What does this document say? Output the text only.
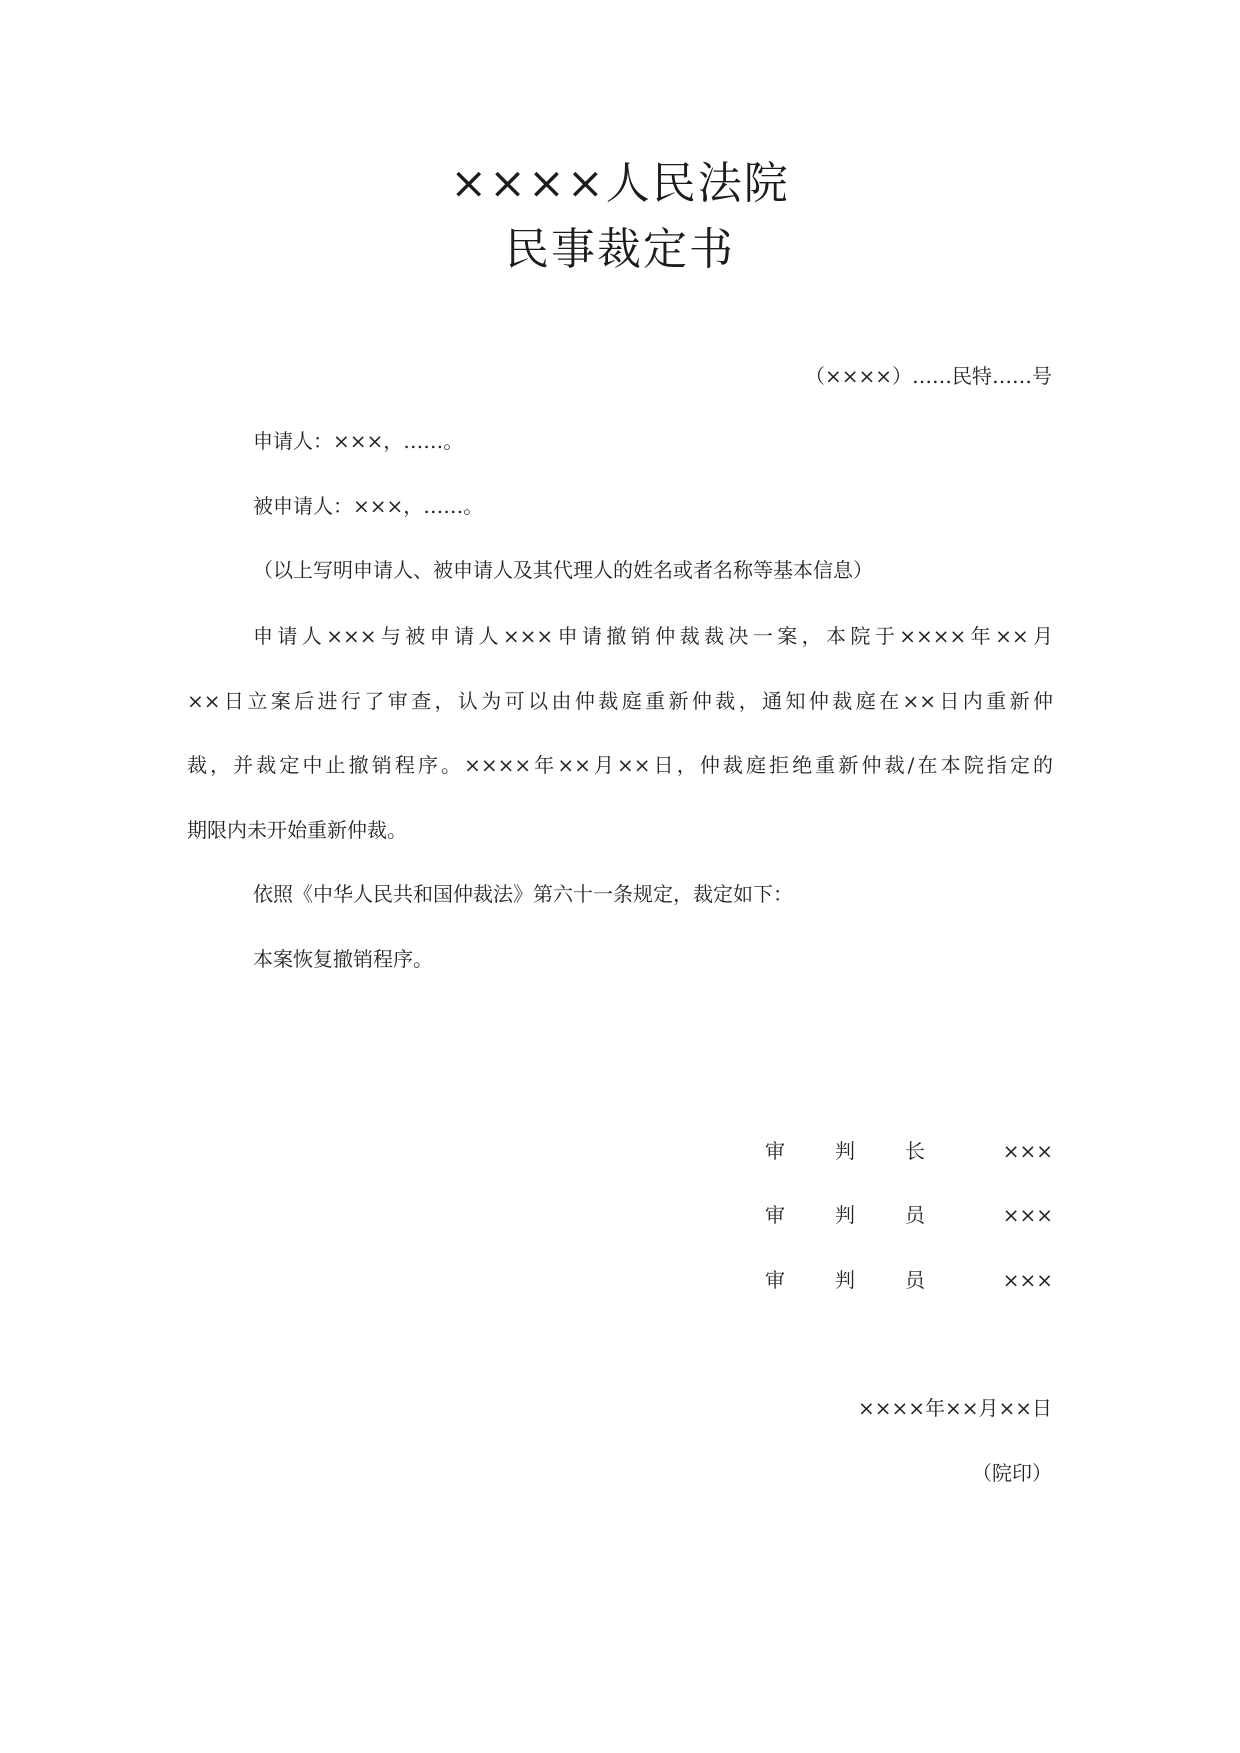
××××人民法院
民事裁定书
（××××）……民特……号
申请人：×××，……。
被申请人：×××，……。
（以上写明申请人、被申请人及其代理人的姓名或者名称等基本信息）
申请人×××与被申请人×××申请撤销仲裁裁决一案，本院于××××年××月
××日立案后进行了审查，认为可以由仲裁庭重新仲裁，通知仲裁庭在××日内重新仲
裁，并裁定中止撤销程序。××××年××月××日，仲裁庭拒绝重新仲裁/在本院指定的
期限内未开始重新仲裁。
依照《中华人民共和国仲裁法》第六十一条规定，裁定如下：
本案恢复撤销程序。
审	判	长	×××
审	判	员	×××
审	判	员	×××
××××年××月××日
（院印）
